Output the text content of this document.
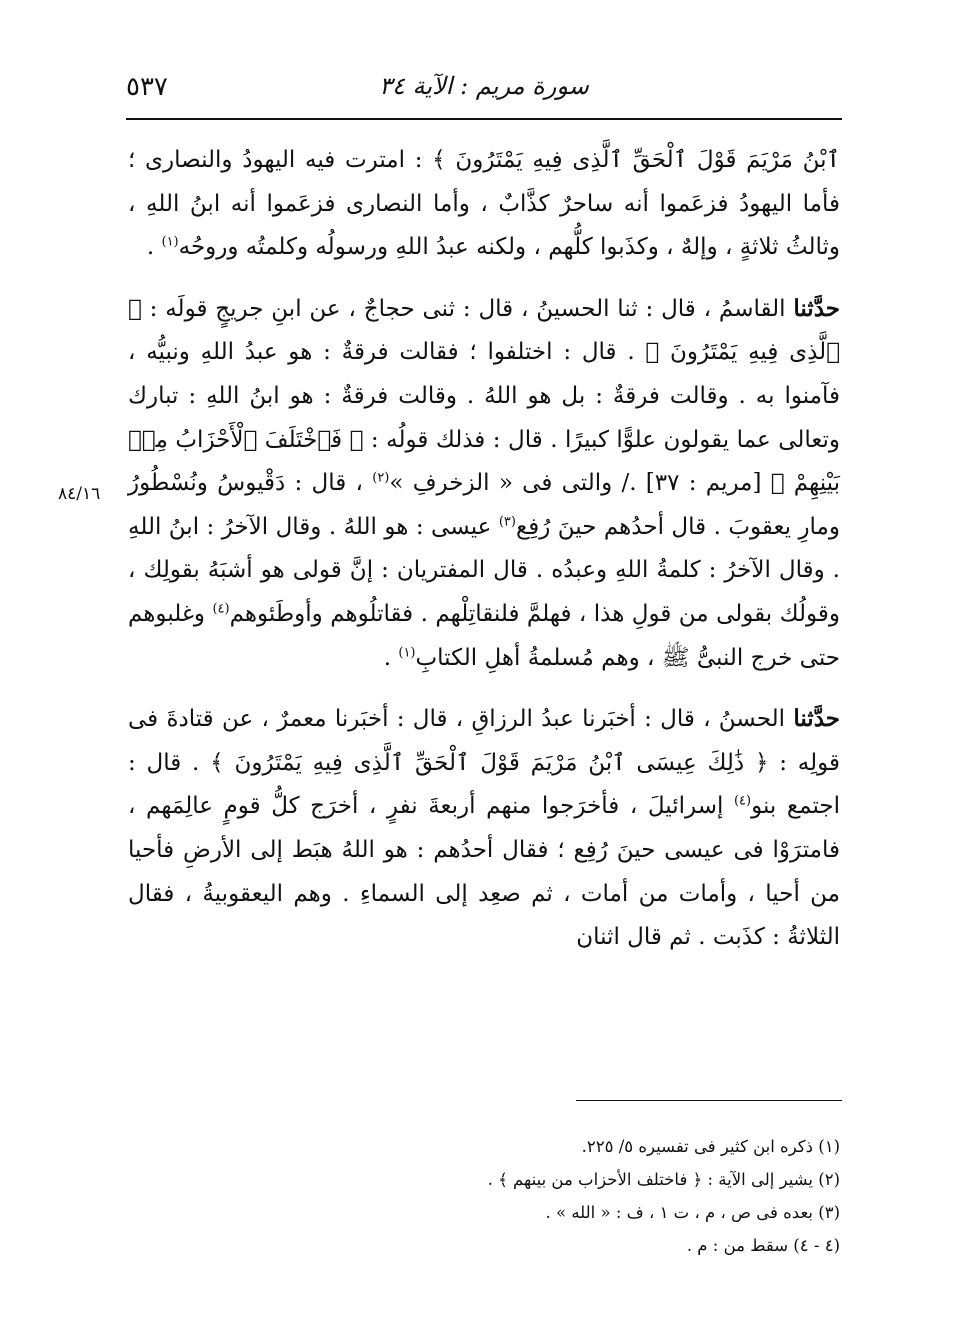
٥٣٧	سورة مريم : الآية ٣٤
٨٤/١٦

ٱبْنُ مَرْيَمَ قَوْلَ ٱلْحَقِّ ٱلَّذِى فِيهِ يَمْتَرُونَ ﴾ : امترت فيه اليهودُ والنصارى ؛ فأما اليهودُ فزعَموا أنه ساحرٌ كذَّابٌ ، وأما النصارى فزعَموا أنه ابنُ اللهِ ، وثالثُ ثلاثةٍ ، وإلهٌ ، وكذَبوا كلُّهم ، ولكنه عبدُ اللهِ ورسولُه وكلمتُه وروحُه$^{(١)}$ .

حدَّثنا القاسمُ ، قال : ثنا الحسينُ ، قال : ثنى حجاجٌ ، عن ابنِ جريجٍ قولَه : ﴿ ٱلَّذِى فِيهِ يَمْتَرُونَ ﴾ . قال : اختلفوا ؛ فقالت فرقةٌ : هو عبدُ اللهِ ونبيُّه ، فآمنوا به . وقالت فرقةٌ : بل هو اللهُ . وقالت فرقةٌ : هو ابنُ اللهِ : تبارك وتعالى عما يقولون علوًّا كبيرًا . قال : فذلك قولُه : ﴿ فَٱخْتَلَفَ ٱلْأَحْزَابُ مِنۢ بَيْنِهِمْ ﴾ [مريم : ٣٧] ./ والتى فى « الزخرفِ »$^{(٢)}$ ، قال : دَقْيوسُ ونُسْطُورُ ومارِ يعقوبَ . قال أحدُهم حينَ رُفِع$^{(٣)}$ عيسى : هو اللهُ . وقال الآخرُ : ابنُ اللهِ . وقال الآخرُ : كلمةُ اللهِ وعبدُه . قال المفتريان : إنَّ قولى هو أشبَهُ بقولِك ، وقولُك بقولى من قولِ هذا ، فهلمَّ فلنقاتِلْهم . فقاتلُوهم وأوطَئوهم$^{(٤)}$ وغلبوهم حتى خرج النبىُّ ﷺ ، وهم مُسلمةُ أهلِ الكتابِ$^{(١)}$ .

حدَّثنا الحسنُ ، قال : أخبَرنا عبدُ الرزاقِ ، قال : أخبَرنا معمرٌ ، عن قتادةَ فى قولِه : ﴿ ذَٰلِكَ عِيسَى ٱبْنُ مَرْيَمَ قَوْلَ ٱلْحَقِّ ٱلَّذِى فِيهِ يَمْتَرُونَ ﴾ . قال : اجتمع بنو$^{(٤)}$ إسرائيلَ ، فأخرَجوا منهم أربعةَ نفرٍ ، أخرَج كلُّ قومٍ عالِمَهم ، فامترَوْا فى عيسى حينَ رُفِع ؛ فقال أحدُهم : هو اللهُ هبَط إلى الأرضِ فأحيا من أحيا ، وأمات من أمات ، ثم صعِد إلى السماءِ . وهم اليعقوبيةُ ، فقال الثلاثةُ : كذَبت . ثم قال اثنان

(١) ذكره ابن كثير فى تفسيره ٥/ ٢٢٥.

(٢) يشير إلى الآية : ﴿ فاختلف الأحزاب من بينهم ﴾ .

(٣) بعده فى ص ، م ، ت ١ ، ف : « الله » .

(٤ - ٤) سقط من : م .
